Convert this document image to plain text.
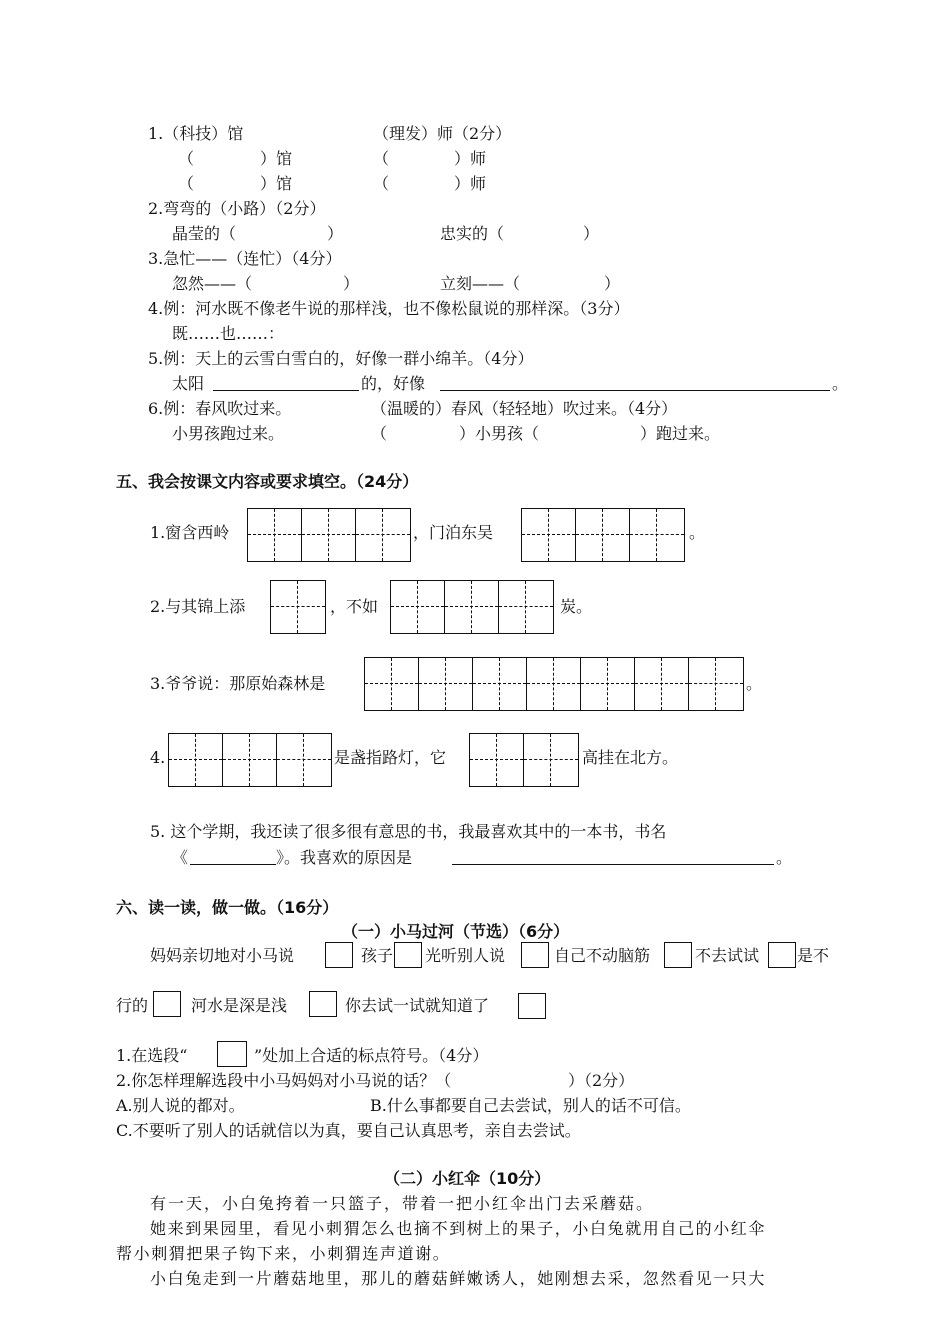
1.（科技）馆	（理发）师（2分）
（	）馆	（	）师
（	）馆	（	）师
2.弯弯的（小路）（2分）
晶莹的（	）	忠实的（	）
3.急忙——（连忙）（4分）
忽然——（	）	立刻——（	）
4.例：河水既不像老牛说的那样浅，也不像松鼠说的那样深。（3分）
既……也……：
5.例：天上的云雪白雪白的，好像一群小绵羊。（4分）
太阳	的，好像	。
6.例：春风吹过来。	（温暖的）春风（轻轻地）吹过来。（4分）
小男孩跑过来。	（	）小男孩（	）跑过来。
五、我会按课文内容或要求填空。（24分）
1.窗含西岭	，门泊东吴	。
2.与其锦上添	，不如	炭。
3.爷爷说：那原始森林是	。
4.	是盏指路灯，它	高挂在北方。
5. 这个学期，我还读了很多很有意思的书，我最喜欢其中的一本书，书名
《	》。我喜欢的原因是	。
六、读一读，做一做。（16分）
（一）小马过河（节选）（6分）
妈妈亲切地对小马说	孩子 光听别人说	自己不动脑筋	不去试试 是不
行的	河水是深是浅	你去试一试就知道了
1.在选段“	”处加上合适的标点符号。（4分）
2.你怎样理解选段中小马妈妈对小马说的话？（	）（2分）
A.别人说的都对。	B.什么事都要自己去尝试，别人的话不可信。
C.不要听了别人的话就信以为真，要自己认真思考，亲自去尝试。
（二）小红伞（10分）
有一天，小白兔挎着一只篮子，带着一把小红伞出门去采蘑菇。
她来到果园里，看见小刺猬怎么也摘不到树上的果子，小白兔就用自己的小红伞
帮小刺猬把果子钩下来，小刺猬连声道谢。
小白兔走到一片蘑菇地里，那儿的蘑菇鲜嫩诱人，她刚想去采，忽然看见一只大
